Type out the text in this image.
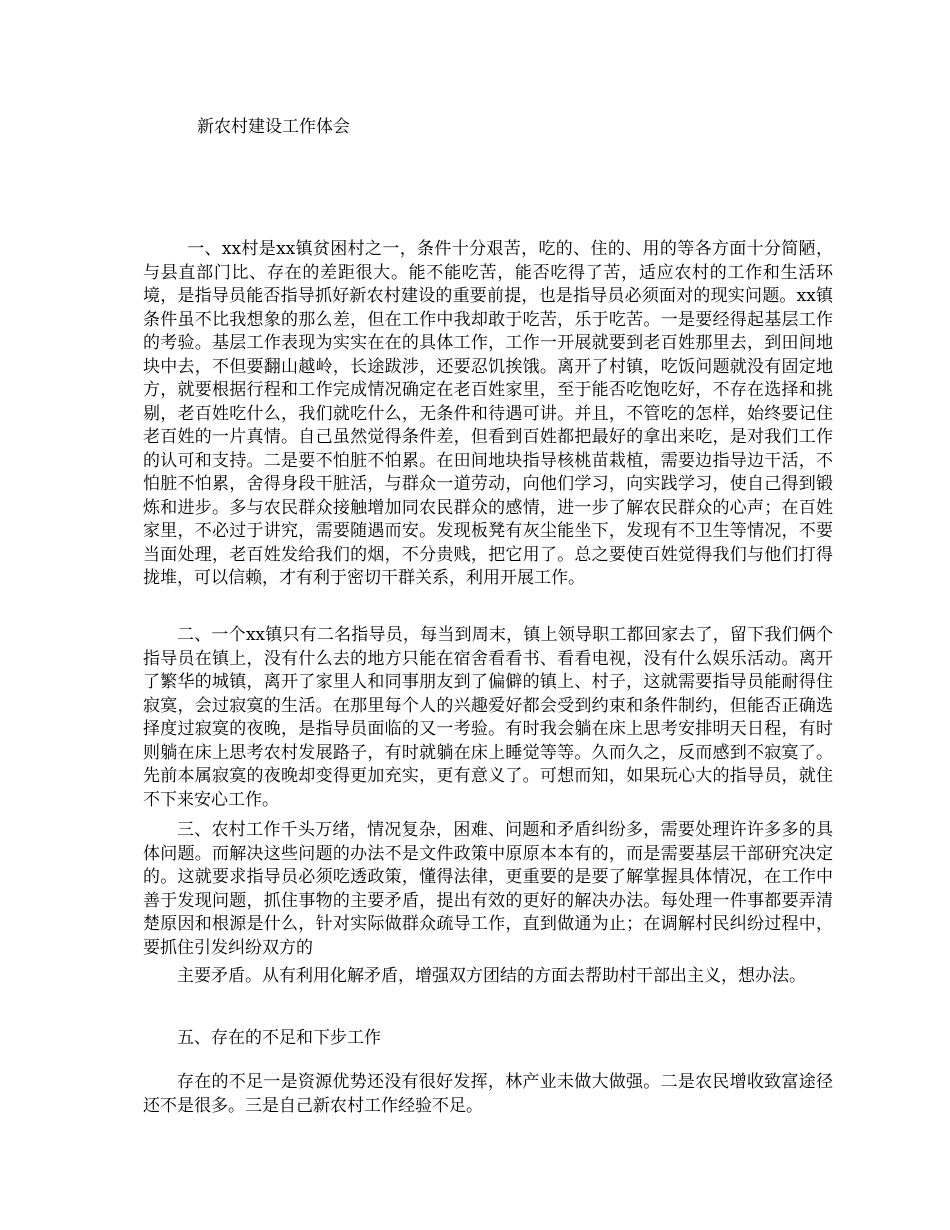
新农村建设工作体会

一、xx村是xx镇贫困村之一，条件十分艰苦，吃的、住的、用的等各方面十分简陋，与县直部门比、存在的差距很大。能不能吃苦，能否吃得了苦，适应农村的工作和生活环境，是指导员能否指导抓好新农村建设的重要前提，也是指导员必须面对的现实问题。xx镇条件虽不比我想象的那么差，但在工作中我却敢于吃苦，乐于吃苦。一是要经得起基层工作的考验。基层工作表现为实实在在的具体工作，工作一开展就要到老百姓那里去，到田间地块中去，不但要翻山越岭，长途跋涉，还要忍饥挨饿。离开了村镇，吃饭问题就没有固定地方，就要根据行程和工作完成情况确定在老百姓家里，至于能否吃饱吃好，不存在选择和挑剔，老百姓吃什么，我们就吃什么，无条件和待遇可讲。并且，不管吃的怎样，始终要记住老百姓的一片真情。自己虽然觉得条件差，但看到百姓都把最好的拿出来吃，是对我们工作的认可和支持。二是要不怕脏不怕累。在田间地块指导核桃苗栽植，需要边指导边干活，不怕脏不怕累，舍得身段干脏活，与群众一道劳动，向他们学习，向实践学习，使自己得到锻炼和进步。多与农民群众接触增加同农民群众的感情，进一步了解农民群众的心声；在百姓家里，不必过于讲究，需要随遇而安。发现板凳有灰尘能坐下，发现有不卫生等情况，不要当面处理，老百姓发给我们的烟，不分贵贱，把它用了。总之要使百姓觉得我们与他们打得拢堆，可以信赖，才有利于密切干群关系，利用开展工作。

二、一个xx镇只有二名指导员，每当到周末，镇上领导职工都回家去了，留下我们俩个指导员在镇上，没有什么去的地方只能在宿舍看看书、看看电视，没有什么娱乐活动。离开了繁华的城镇，离开了家里人和同事朋友到了偏僻的镇上、村子，这就需要指导员能耐得住寂寞，会过寂寞的生活。在那里每个人的兴趣爱好都会受到约束和条件制约，但能否正确选择度过寂寞的夜晚，是指导员面临的又一考验。有时我会躺在床上思考安排明天日程，有时则躺在床上思考农村发展路子，有时就躺在床上睡觉等等。久而久之，反而感到不寂寞了。先前本属寂寞的夜晚却变得更加充实，更有意义了。可想而知，如果玩心大的指导员，就住不下来安心工作。

三、农村工作千头万绪，情况复杂，困难、问题和矛盾纠纷多，需要处理许许多多的具体问题。而解决这些问题的办法不是文件政策中原原本本有的，而是需要基层干部研究决定的。这就要求指导员必须吃透政策，懂得法律，更重要的是要了解掌握具体情况，在工作中善于发现问题，抓住事物的主要矛盾，提出有效的更好的解决办法。每处理一件事都要弄清楚原因和根源是什么，针对实际做群众疏导工作，直到做通为止；在调解村民纠纷过程中，要抓住引发纠纷双方的

主要矛盾。从有利用化解矛盾，增强双方团结的方面去帮助村干部出主义，想办法。

五、存在的不足和下步工作

存在的不足一是资源优势还没有很好发挥，林产业未做大做强。二是农民增收致富途径还不是很多。三是自己新农村工作经验不足。
